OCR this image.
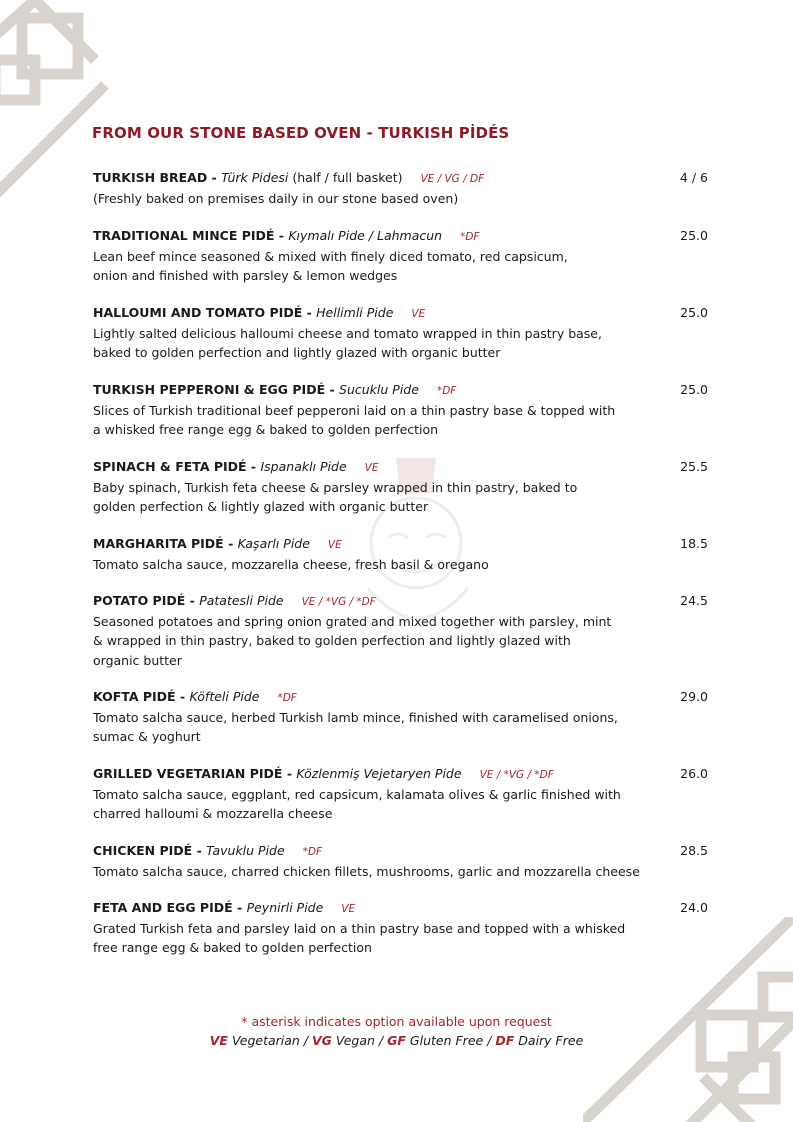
FROM OUR STONE BASED OVEN - TURKISH PİDÉS
TURKISH BREAD - Türk Pidesi (half / full basket) VE / VG / DF	4 / 6
(Freshly baked on premises daily in our stone based oven)
TRADITIONAL MINCE PIDÉ - Kıymalı Pide / Lahmacun *DF	25.0
Lean beef mince seasoned & mixed with finely diced tomato, red capsicum,
onion and finished with parsley & lemon wedges
HALLOUMI AND TOMATO PIDÉ - Hellimli Pide VE	25.0
Lightly salted delicious halloumi cheese and tomato wrapped in thin pastry base,
baked to golden perfection and lightly glazed with organic butter
TURKISH PEPPERONI & EGG PIDÉ - Sucuklu Pide *DF	25.0
Slices of Turkish traditional beef pepperoni laid on a thin pastry base & topped with
a whisked free range egg & baked to golden perfection
SPINACH & FETA PIDÉ - Ispanaklı Pide VE	25.5
Baby spinach, Turkish feta cheese & parsley wrapped in thin pastry, baked to
golden perfection & lightly glazed with organic butter
MARGHARITA PIDÉ - Kaşarlı Pide VE	18.5
Tomato salcha sauce, mozzarella cheese, fresh basil & oregano
POTATO PIDÉ - Patatesli Pide VE / *VG / *DF	24.5
Seasoned potatoes and spring onion grated and mixed together with parsley, mint
& wrapped in thin pastry, baked to golden perfection and lightly glazed with
organic butter
KOFTA PIDÉ - Köfteli Pide *DF	29.0
Tomato salcha sauce, herbed Turkish lamb mince, finished with caramelised onions,
sumac & yoghurt
GRILLED VEGETARIAN PIDÉ - Közlenmiş Vejetaryen Pide VE / *VG / *DF	26.0
Tomato salcha sauce, eggplant, red capsicum, kalamata olives & garlic finished with
charred halloumi & mozzarella cheese
CHICKEN PIDÉ - Tavuklu Pide *DF	28.5
Tomato salcha sauce, charred chicken fillets, mushrooms, garlic and mozzarella cheese
FETA AND EGG PIDÉ - Peynirli Pide VE	24.0
Grated Turkish feta and parsley laid on a thin pastry base and topped with a whisked
free range egg & baked to golden perfection
* asterisk indicates option available upon request
VE Vegetarian / VG Vegan / GF Gluten Free / DF Dairy Free
